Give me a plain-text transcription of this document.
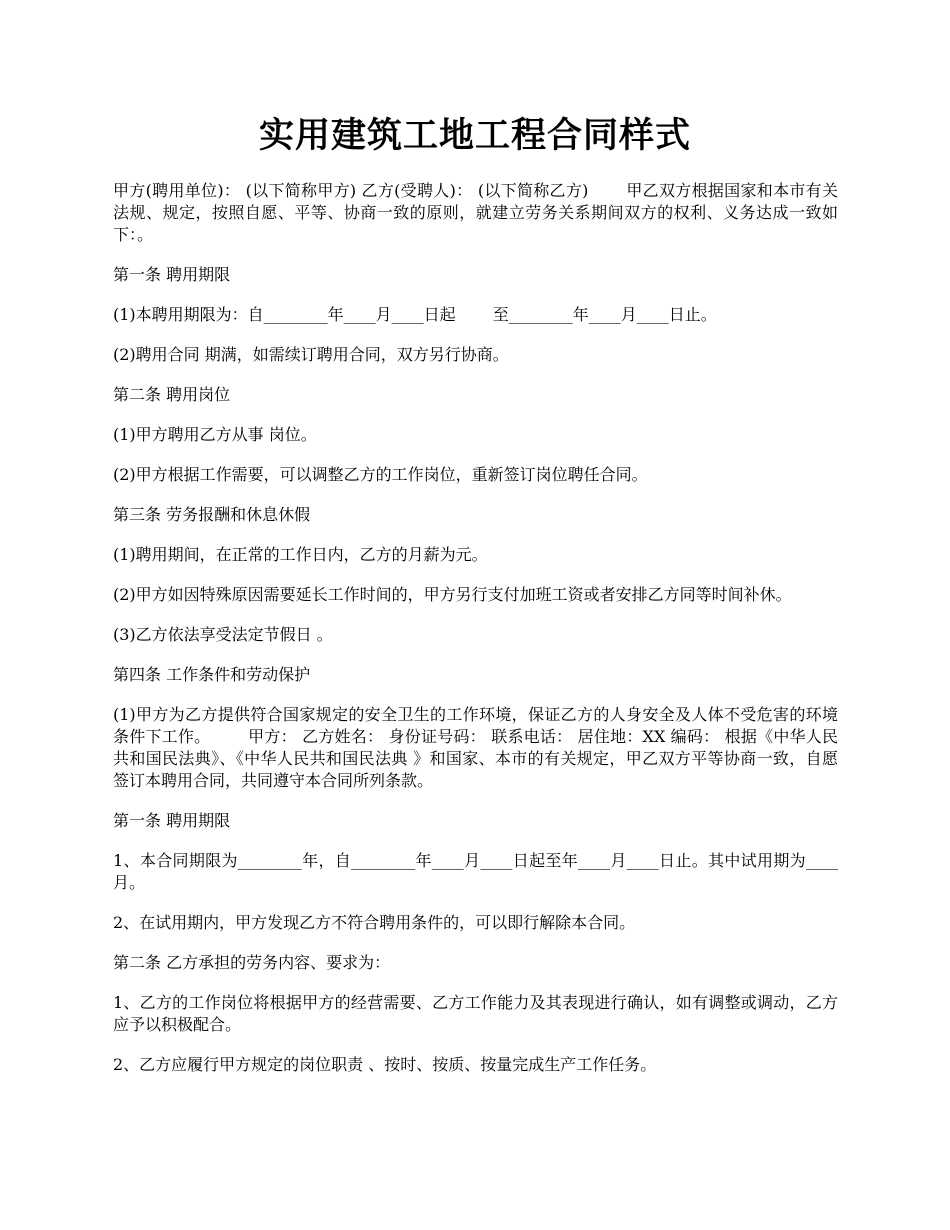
实用建筑工地工程合同样式

甲方(聘用单位)： (以下简称甲方) 乙方(受聘人)： (以下简称乙方) 　　甲乙双方根据国家和本市有关法规、规定，按照自愿、平等、协商一致的原则，就建立劳务关系期间双方的权利、义务达成一致如下：。

第一条 聘用期限

(1)本聘用期限为：自________年____月____日起 　　至________年____月____日止。

(2)聘用合同 期满，如需续订聘用合同，双方另行协商。

第二条 聘用岗位

(1)甲方聘用乙方从事 岗位。

(2)甲方根据工作需要，可以调整乙方的工作岗位，重新签订岗位聘任合同。

第三条 劳务报酬和休息休假

(1)聘用期间，在正常的工作日内，乙方的月薪为元。

(2)甲方如因特殊原因需要延长工作时间的，甲方另行支付加班工资或者安排乙方同等时间补休。

(3)乙方依法享受法定节假日 。

第四条 工作条件和劳动保护

(1)甲方为乙方提供符合国家规定的安全卫生的工作环境，保证乙方的人身安全及人体不受危害的环境条件下工作。 　　甲方： 乙方姓名： 身份证号码： 联系电话： 居住地：XX 编码： 根据《中华人民共和国民法典》、《中华人民共和国民法典 》和国家、本市的有关规定，甲乙双方平等协商一致，自愿签订本聘用合同，共同遵守本合同所列条款。

第一条 聘用期限

1、本合同期限为________年，自________年____月____日起至年____月____日止。其中试用期为____月。

2、在试用期内，甲方发现乙方不符合聘用条件的，可以即行解除本合同。

第二条 乙方承担的劳务内容、要求为：

1、乙方的工作岗位将根据甲方的经营需要、乙方工作能力及其表现进行确认，如有调整或调动，乙方应予以积极配合。

2、乙方应履行甲方规定的岗位职责 、按时、按质、按量完成生产工作任务。
